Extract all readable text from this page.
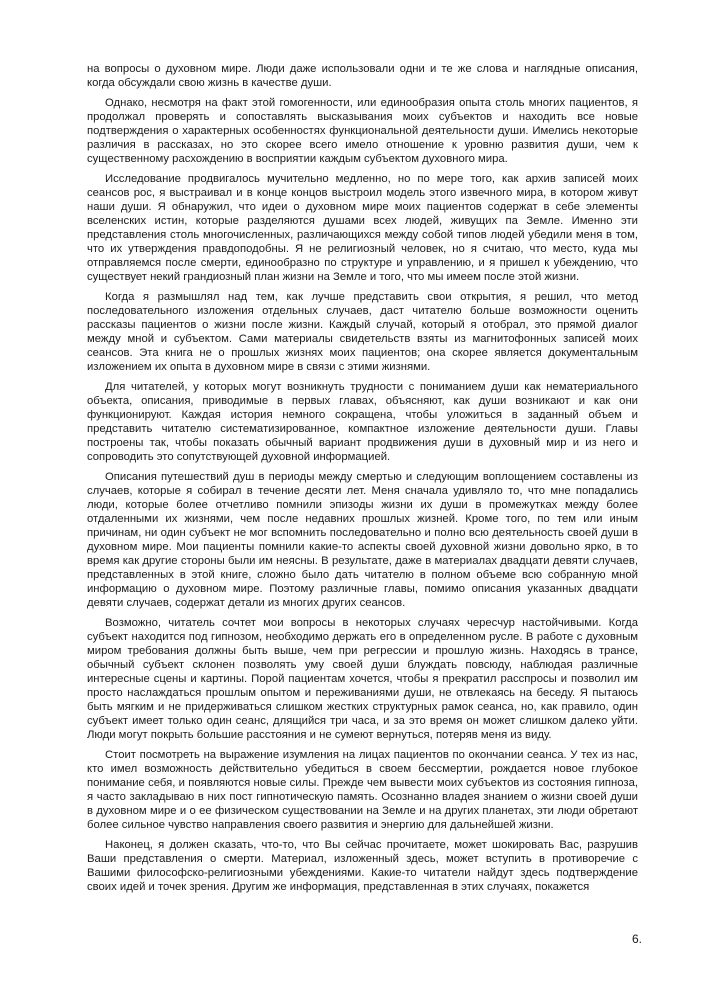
на вопросы о духовном мире. Люди даже использовали одни и те же слова и наглядные описания, когда обсуждали свою жизнь в качестве души.

Однако, несмотря на факт этой гомогенности, или единообразия опыта столь многих пациентов, я продолжал проверять и сопоставлять высказывания моих субъектов и находить все новые подтверждения о характерных особенностях функциональной деятельности души. Имелись некоторые различия в рассказах, но это скорее всего имело отношение к уровню развития души, чем к существенному расхождению в восприятии каждым субъектом духовного мира.

Исследование продвигалось мучительно медленно, но по мере того, как архив записей моих сеансов рос, я выстраивал и в конце концов выстроил модель этого извечного мира, в котором живут наши души. Я обнаружил, что идеи о духовном мире моих пациентов содержат в себе элементы вселенских истин, которые разделяются душами всех людей, живущих па Земле. Именно эти представления столь многочисленных, различающихся между собой типов людей убедили меня в том, что их утверждения правдоподобны. Я не религиозный человек, но я считаю, что место, куда мы отправляемся после смерти, единообразно по структуре и управлению, и я пришел к убеждению, что существует некий грандиозный план жизни на Земле и того, что мы имеем после этой жизни.

Когда я размышлял над тем, как лучше представить свои открытия, я решил, что метод последовательного изложения отдельных случаев, даст читателю больше возможности оценить рассказы пациентов о жизни после жизни. Каждый случай, который я отобрал, это прямой диалог между мной и субъектом. Сами материалы свидетельств взяты из магнитофонных записей моих сеансов. Эта книга не о прошлых жизнях моих пациентов; она скорее является документальным изложением их опыта в духовном мире в связи с этими жизнями.

Для читателей, у которых могут возникнуть трудности с пониманием души как нематериального объекта, описания, приводимые в первых главах, объясняют, как души возникают и как они функционируют. Каждая история немного сокращена, чтобы уложиться в заданный объем и представить читателю систематизированное, компактное изложение деятельности души. Главы построены так, чтобы показать обычный вариант продвижения души в духовный мир и из него и сопроводить это сопутствующей духовной информацией.

Описания путешествий душ в периоды между смертью и следующим воплощением составлены из случаев, которые я собирал в течение десяти лет. Меня сначала удивляло то, что мне попадались люди, которые более отчетливо помнили эпизоды жизни их души в промежутках между более отдаленными их жизнями, чем после недавних прошлых жизней. Кроме того, по тем или иным причинам, ни один субъект не мог вспомнить последовательно и полно всю деятельность своей души в духовном мире. Мои пациенты помнили какие-то аспекты своей духовной жизни довольно ярко, в то время как другие стороны были им неясны. В результате, даже в материалах двадцати девяти случаев, представленных в этой книге, сложно было дать читателю в полном объеме всю собранную мной информацию о духовном мире. Поэтому различные главы, помимо описания указанных двадцати девяти случаев, содержат детали из многих других сеансов.

Возможно, читатель сочтет мои вопросы в некоторых случаях чересчур настойчивыми. Когда субъект находится под гипнозом, необходимо держать его в определенном русле. В работе с духовным миром требования должны быть выше, чем при регрессии и прошлую жизнь. Находясь в трансе, обычный субъект склонен позволять уму своей души блуждать повсюду, наблюдая различные интересные сцены и картины. Порой пациентам хочется, чтобы я прекратил расспросы и позволил им просто наслаждаться прошлым опытом и переживаниями души, не отвлекаясь на беседу. Я пытаюсь быть мягким и не придерживаться слишком жестких структурных рамок сеанса, но, как правило, один субъект имеет только один сеанс, длящийся три часа, и за это время он может слишком далеко уйти. Люди могут покрыть большие расстояния и не сумеют вернуться, потеряв меня из виду.

Стоит посмотреть на выражение изумления на лицах пациентов по окончании сеанса. У тех из нас, кто имел возможность действительно убедиться в своем бессмертии, рождается новое глубокое понимание себя, и появляются новые силы. Прежде чем вывести моих субъектов из состояния гипноза, я часто закладываю в них пост гипнотическую память. Осознанно владея знанием о жизни своей души в духовном мире и о ее физическом существовании на Земле и на других планетах, эти люди обретают более сильное чувство направления своего развития и энергию для дальнейшей жизни.

Наконец, я должен сказать, что-то, что Вы сейчас прочитаете, может шокировать Вас, разрушив Ваши представления о смерти. Материал, изложенный здесь, может вступить в противоречие с Вашими философско-религиозными убеждениями. Какие-то читатели найдут здесь подтверждение своих идей и точек зрения. Другим же информация, представленная в этих случаях, покажется

6.
